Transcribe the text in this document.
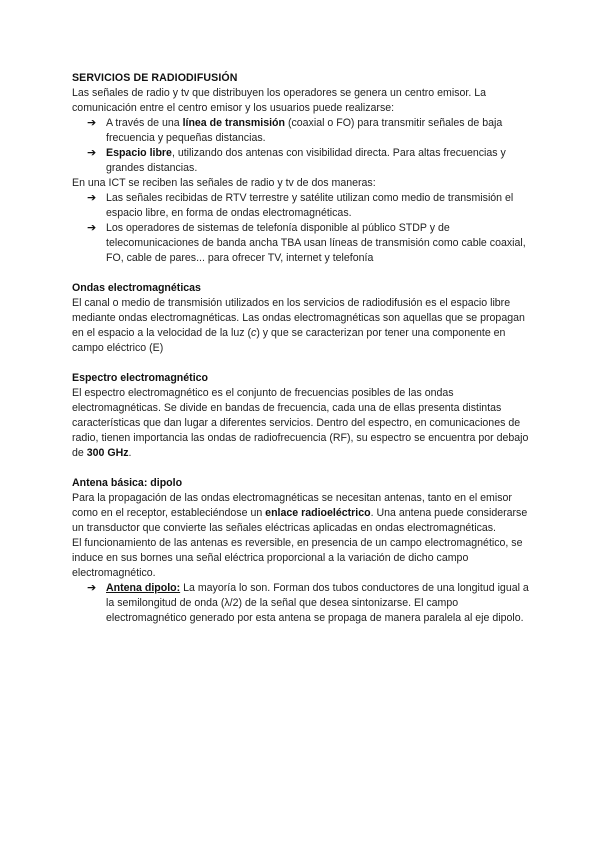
SERVICIOS DE RADIODIFUSIÓN

Las señales de radio y tv que distribuyen los operadores se genera un centro emisor. La comunicación entre el centro emisor y los usuarios puede realizarse:

➔ A través de una línea de transmisión (coaxial o FO) para transmitir señales de baja frecuencia y pequeñas distancias.
➔ Espacio libre, utilizando dos antenas con visibilidad directa. Para altas frecuencias y grandes distancias.

En una ICT se reciben las señales de radio y tv de dos maneras:

➔ Las señales recibidas de RTV terrestre y satélite utilizan como medio de transmisión el espacio libre, en forma de ondas electromagnéticas.
➔ Los operadores de sistemas de telefonía disponible al público STDP y de telecomunicaciones de banda ancha TBA usan líneas de transmisión como cable coaxial, FO, cable de pares... para ofrecer TV, internet y telefonía
Ondas electromagnéticas

El canal o medio de transmisión utilizados en los servicios de radiodifusión es el espacio libre mediante ondas electromagnéticas. Las ondas electromagnéticas son aquellas que se propagan en el espacio a la velocidad de la luz (c) y que se caracterizan por tener una componente en campo eléctrico (E)

Espectro electromagnético

El espectro electromagnético es el conjunto de frecuencias posibles de las ondas electromagnéticas. Se divide en bandas de frecuencia, cada una de ellas presenta distintas características que dan lugar a diferentes servicios. Dentro del espectro, en comunicaciones de radio, tienen importancia las ondas de radiofrecuencia (RF), su espectro se encuentra por debajo de 300 GHz.

Antena básica: dipolo

Para la propagación de las ondas electromagnéticas se necesitan antenas, tanto en el emisor como en el receptor, estableciéndose un enlace radioeléctrico. Una antena puede considerarse un transductor que convierte las señales eléctricas aplicadas en ondas electromagnéticas.

El funcionamiento de las antenas es reversible, en presencia de un campo electromagnético, se induce en sus bornes una señal eléctrica proporcional a la variación de dicho campo electromagnético.

➔ Antena dipolo: La mayoría lo son. Forman dos tubos conductores de una longitud igual a la semilongitud de onda (λ/2) de la señal que desea sintonizarse. El campo electromagnético generado por esta antena se propaga de manera paralela al eje dipolo.
